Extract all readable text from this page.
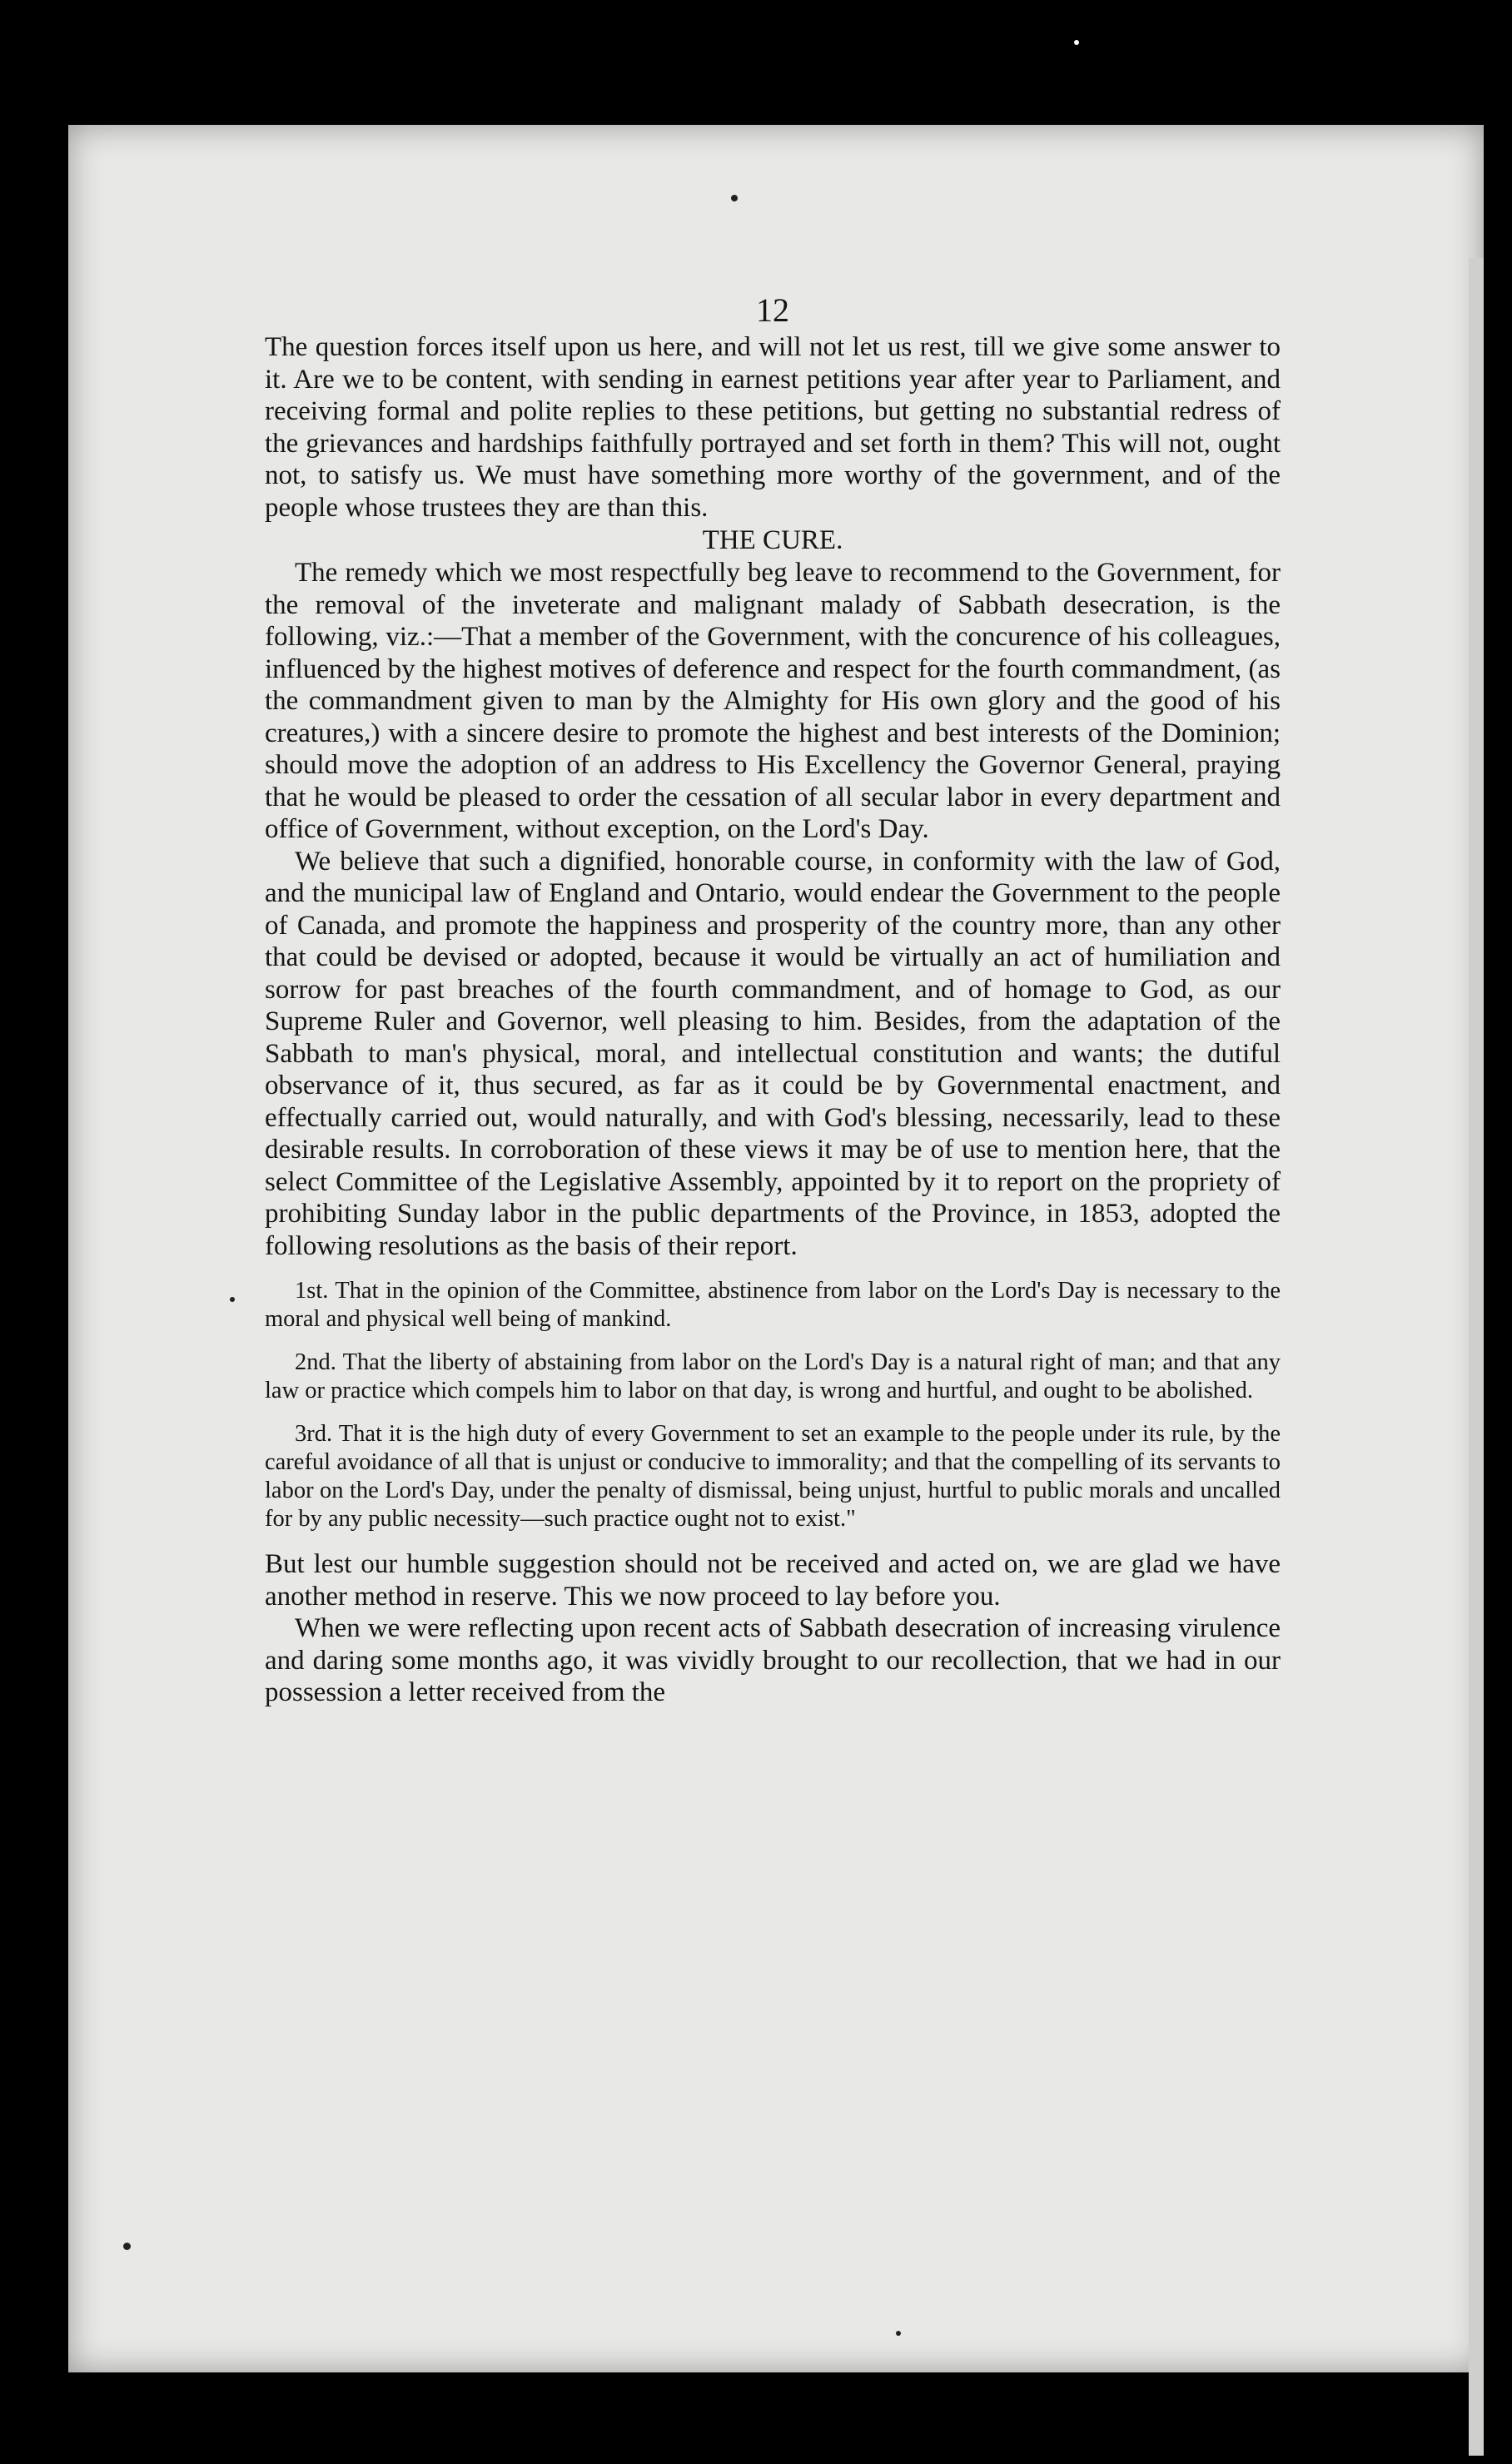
12

The question forces itself upon us here, and will not let us rest, till we give some answer to it. Are we to be content, with sending in earnest petitions year after year to Parliament, and receiving formal and polite replies to these petitions, but getting no substantial redress of the grievances and hardships faithfully portrayed and set forth in them? This will not, ought not, to satisfy us. We must have something more worthy of the government, and of the people whose trustees they are than this.

THE CURE.

The remedy which we most respectfully beg leave to recommend to the Government, for the removal of the inveterate and malignant malady of Sabbath desecration, is the following, viz.:—That a member of the Government, with the concurence of his colleagues, influenced by the highest motives of deference and respect for the fourth commandment, (as the commandment given to man by the Almighty for His own glory and the good of his creatures,) with a sincere desire to promote the highest and best interests of the Dominion; should move the adoption of an address to His Excellency the Governor General, praying that he would be pleased to order the cessation of all secular labor in every department and office of Government, without exception, on the Lord's Day.

We believe that such a dignified, honorable course, in conformity with the law of God, and the municipal law of England and Ontario, would endear the Government to the people of Canada, and promote the happiness and prosperity of the country more, than any other that could be devised or adopted, because it would be virtually an act of humiliation and sorrow for past breaches of the fourth commandment, and of homage to God, as our Supreme Ruler and Governor, well pleasing to him. Besides, from the adaptation of the Sabbath to man's physical, moral, and intellectual constitution and wants; the dutiful observance of it, thus secured, as far as it could be by Governmental enactment, and effectually carried out, would naturally, and with God's blessing, necessarily, lead to these desirable results. In corroboration of these views it may be of use to mention here, that the select Committee of the Legislative Assembly, appointed by it to report on the propriety of prohibiting Sunday labor in the public departments of the Province, in 1853, adopted the following resolutions as the basis of their report.

1st. That in the opinion of the Committee, abstinence from labor on the Lord's Day is necessary to the moral and physical well being of mankind.

2nd. That the liberty of abstaining from labor on the Lord's Day is a natural right of man; and that any law or practice which compels him to labor on that day, is wrong and hurtful, and ought to be abolished.

3rd. That it is the high duty of every Government to set an example to the people under its rule, by the careful avoidance of all that is unjust or conducive to immorality; and that the compelling of its servants to labor on the Lord's Day, under the penalty of dismissal, being unjust, hurtful to public morals and uncalled for by any public necessity—such practice ought not to exist."

But lest our humble suggestion should not be received and acted on, we are glad we have another method in reserve. This we now proceed to lay before you.

When we were reflecting upon recent acts of Sabbath desecration of increasing virulence and daring some months ago, it was vividly brought to our recollection, that we had in our possession a letter received from the
